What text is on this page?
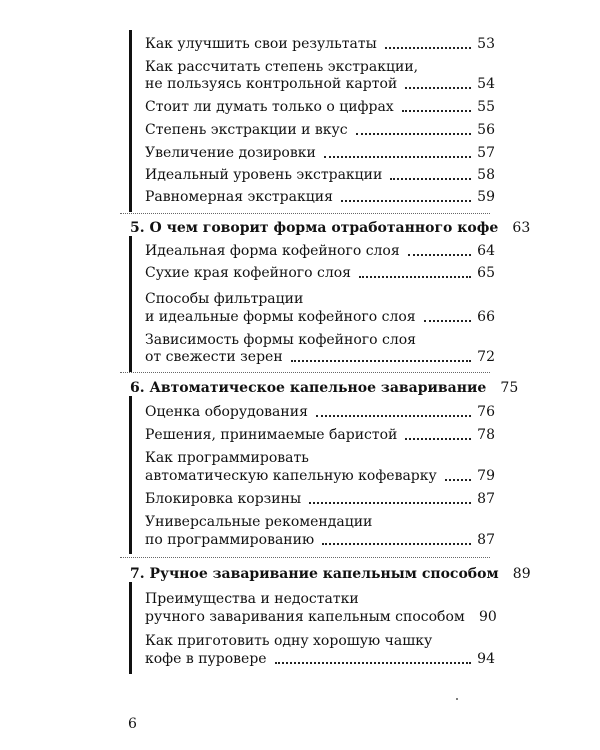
Как улучшить свои результаты	53
Как рассчитать степень экстракции,
не пользуясь контрольной картой	54
Стоит ли думать только о цифрах	55
Степень экстракции и вкус	56
Увеличение дозировки	57
Идеальный уровень экстракции	58
Равномерная экстракция	59
5. О чем говорит форма отработанного кофе 63
Идеальная форма кофейного слоя	64
Сухие края кофейного слоя	65
Способы фильтрации
и идеальные формы кофейного слоя	66
Зависимость формы кофейного слоя
от свежести зерен	72
6. Автоматическое капельное заваривание 75
Оценка оборудования	76
Решения, принимаемые баристой	78
Как программировать
автоматическую капельную кофеварку	79
Блокировка корзины	87
Универсальные рекомендации
по программированию	87
7. Ручное заваривание капельным способом 89
Преимущества и недостатки
ручного заваривания капельным способом 90
Как приготовить одну хорошую чашку
кофе в пуровере	94
6
